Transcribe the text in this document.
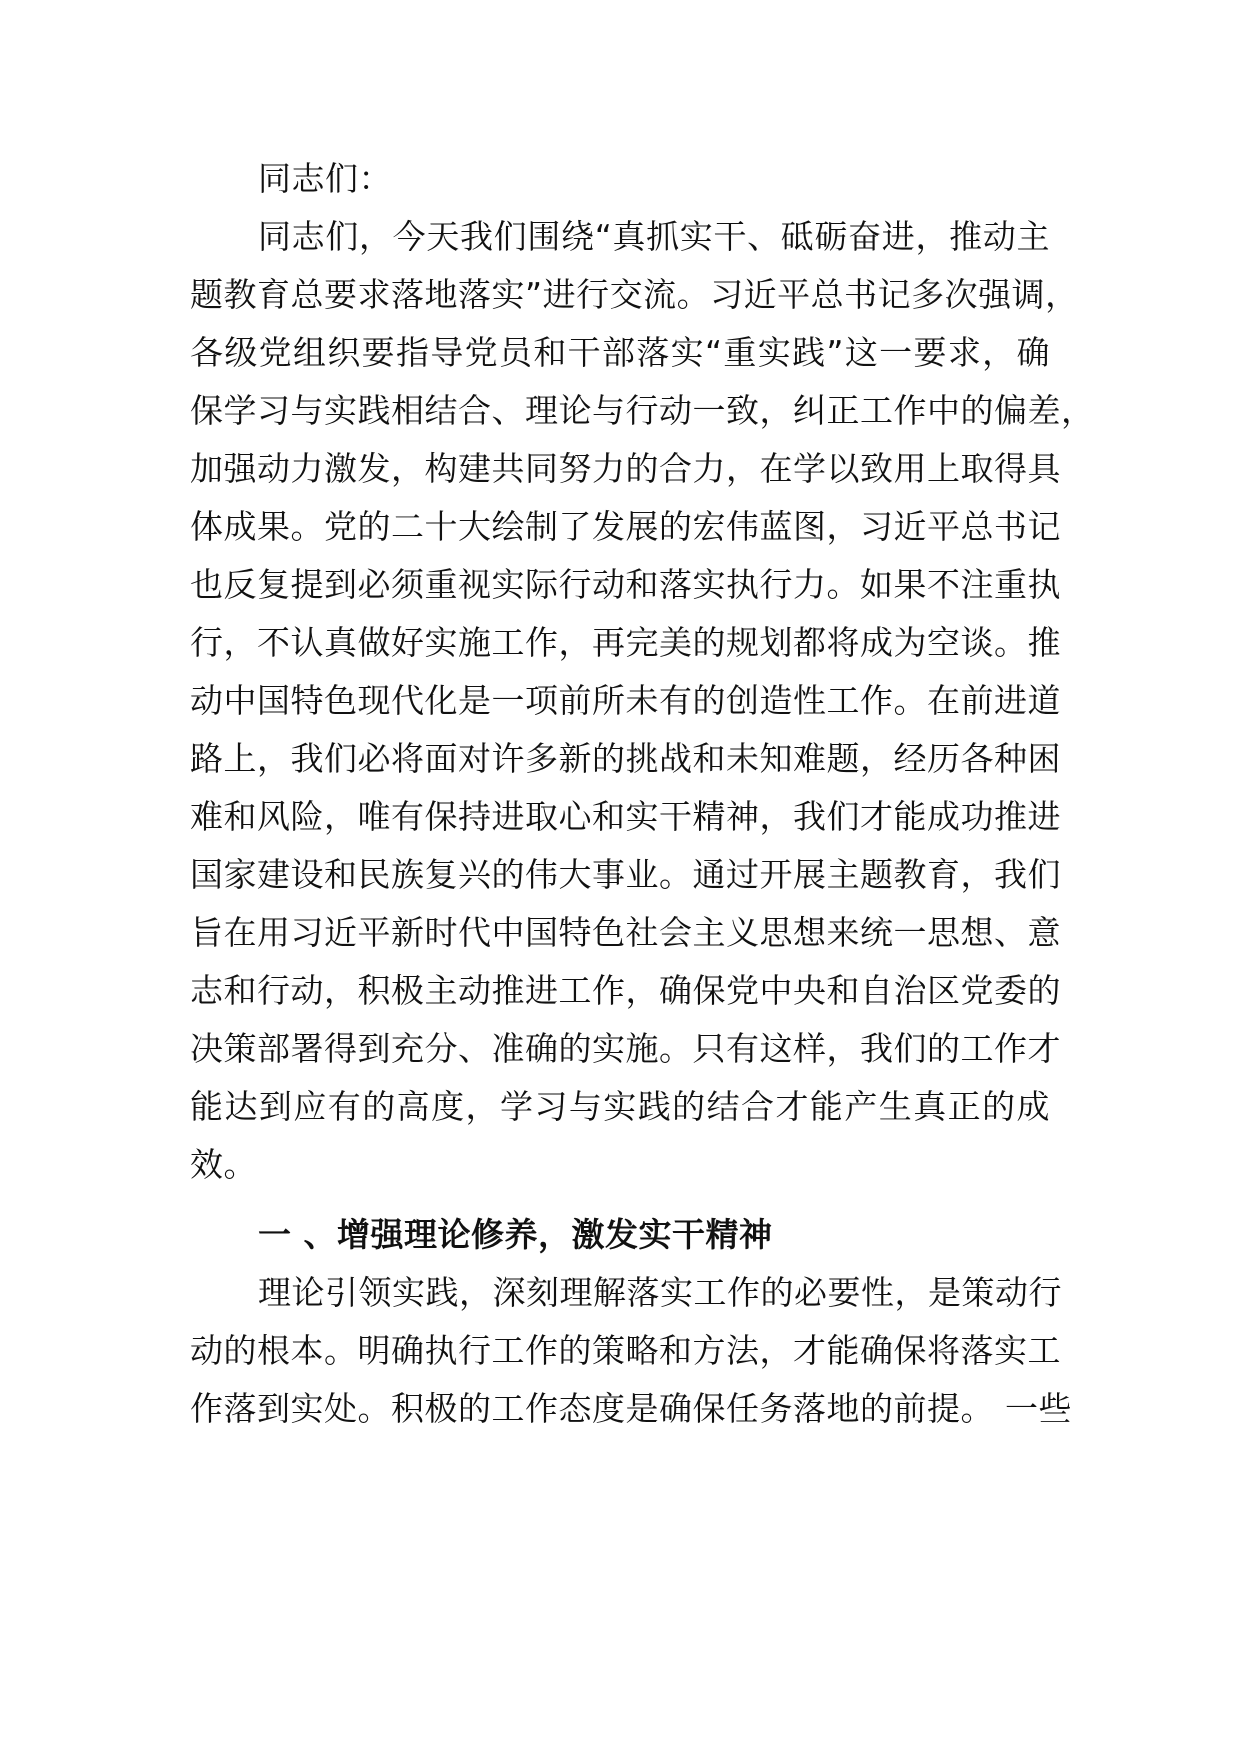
同志们：
同志们，今天我们围绕“真抓实干、砥砺奋进，推动主
题教育总要求落地落实”进行交流。习近平总书记多次强调，
各级党组织要指导党员和干部落实“重实践”这一要求，确
保学习与实践相结合、理论与行动一致，纠正工作中的偏差，
加强动力激发，构建共同努力的合力，在学以致用上取得具
体成果。党的二十大绘制了发展的宏伟蓝图，习近平总书记
也反复提到必须重视实际行动和落实执行力。如果不注重执
行，不认真做好实施工作，再完美的规划都将成为空谈。推
动中国特色现代化是一项前所未有的创造性工作。在前进道
路上，我们必将面对许多新的挑战和未知难题，经历各种困
难和风险，唯有保持进取心和实干精神，我们才能成功推进
国家建设和民族复兴的伟大事业。通过开展主题教育，我们
旨在用习近平新时代中国特色社会主义思想来统一思想、意
志和行动，积极主动推进工作，确保党中央和自治区党委的
决策部署得到充分、准确的实施。只有这样，我们的工作才
能达到应有的高度，学习与实践的结合才能产生真正的成
效。
一 、增强理论修养，激发实干精神
理论引领实践，深刻理解落实工作的必要性，是策动行
动的根本。明确执行工作的策略和方法，才能确保将落实工
作落到实处。积极的工作态度是确保任务落地的前提。 一些
